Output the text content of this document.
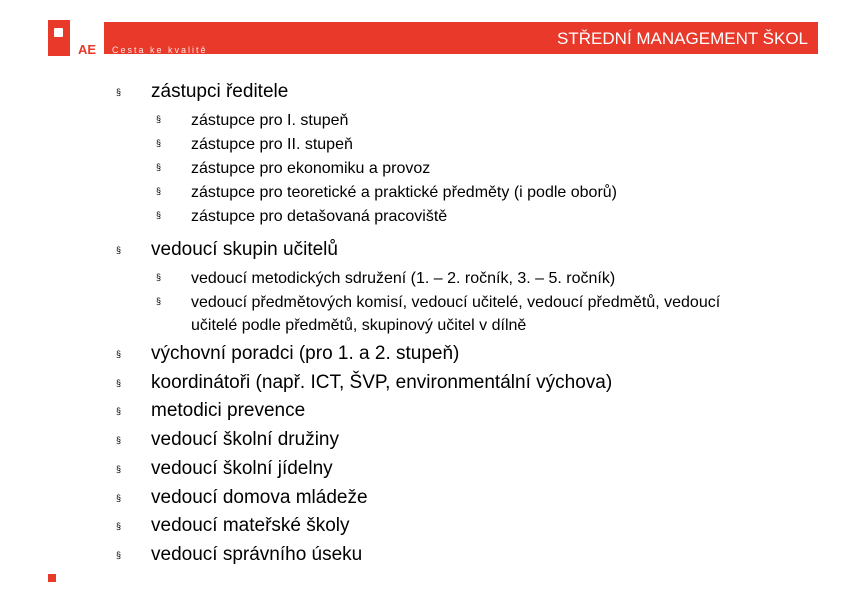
AE Cesta ke kvalitě
STŘEDNÍ MANAGEMENT ŠKOL
§ zástupci ředitele
§ zástupce pro I. stupeň
§ zástupce pro II. stupeň
§ zástupce pro ekonomiku a provoz
§ zástupce pro teoretické a praktické předměty (i podle oborů)
§ zástupce pro detašovaná pracoviště
§ vedoucí skupin učitelů
§ vedoucí metodických sdružení (1. – 2. ročník, 3. – 5. ročník)
§ vedoucí předmětových komisí, vedoucí učitelé, vedoucí předmětů, vedoucí
učitelé podle předmětů, skupinový učitel v dílně
§ výchovní poradci (pro 1. a 2. stupeň)
§ koordinátoři (např. ICT, ŠVP, environmentální výchova)
§ metodici prevence
§ vedoucí školní družiny
§ vedoucí školní jídelny
§ vedoucí domova mládeže
§ vedoucí mateřské školy
§ vedoucí správního úseku
